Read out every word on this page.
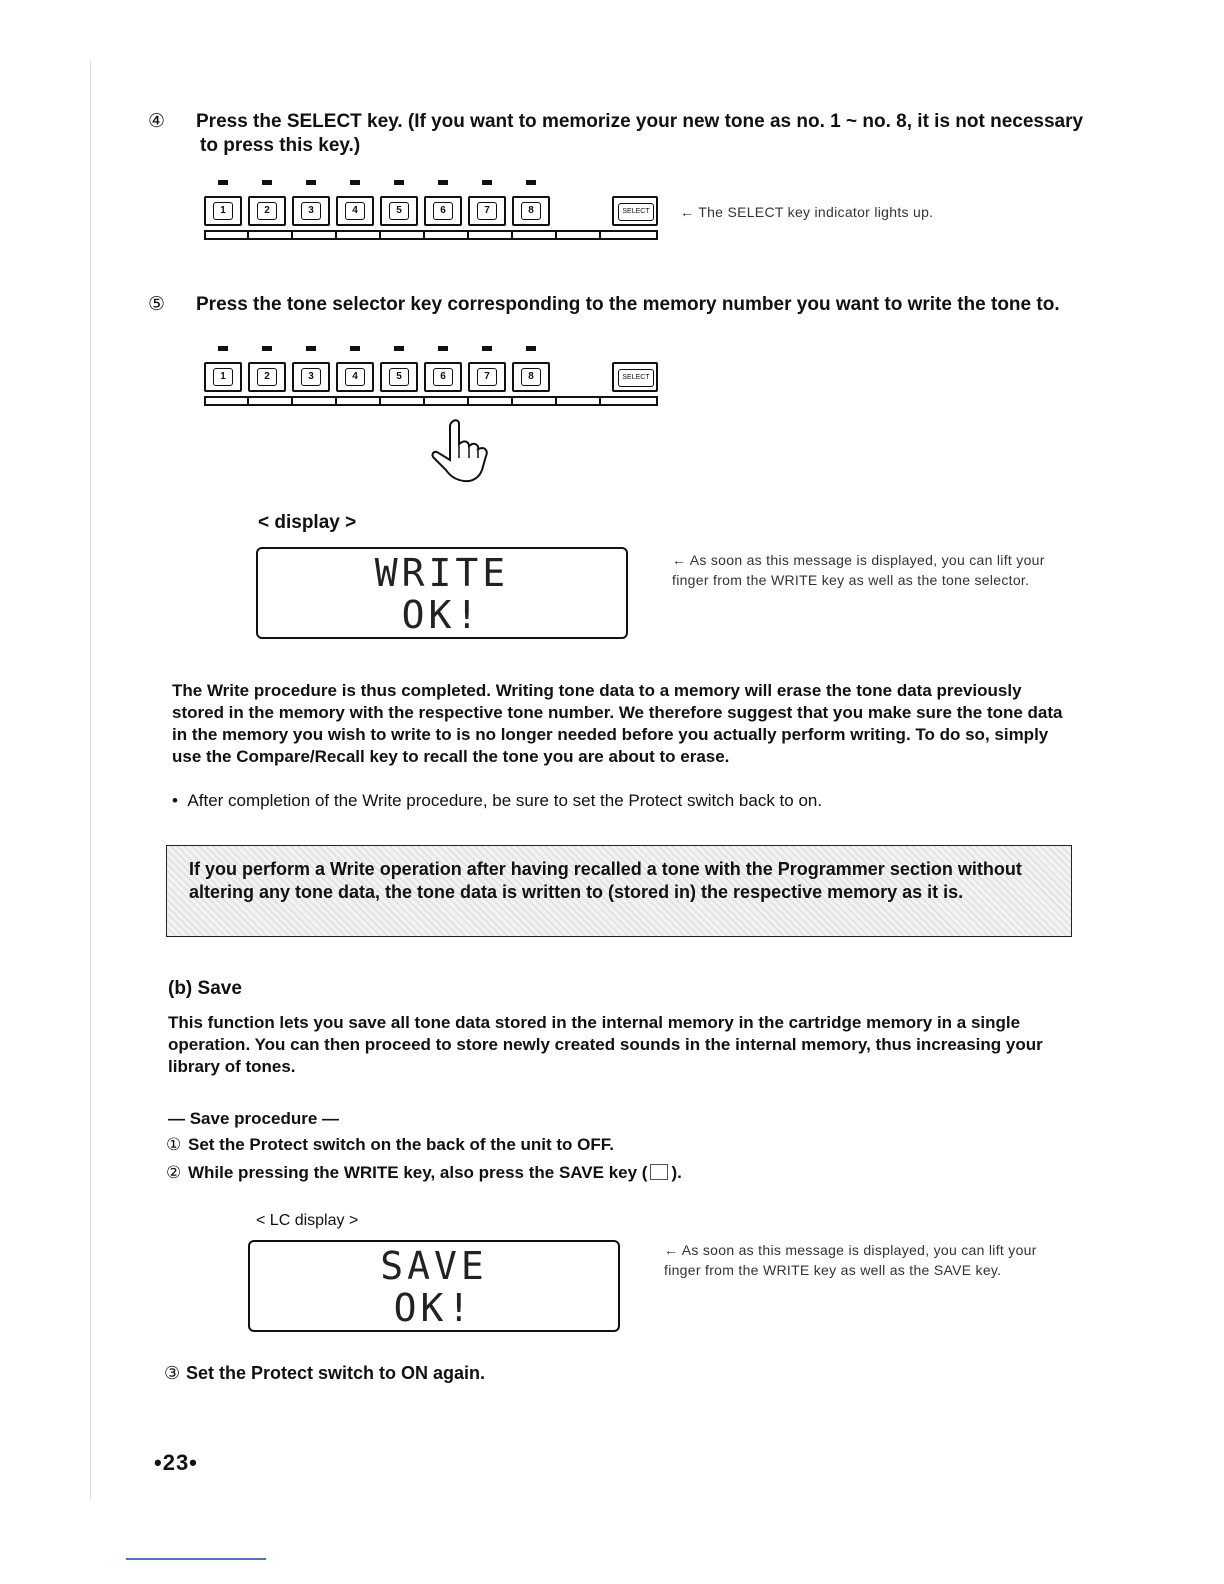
④ Press the SELECT key. (If you want to memorize your new tone as no. 1 ~ no. 8, it is not necessary to press this key.)
1	2	3	4	5	6	7	8	SELECT	← The SELECT key indicator lights up.
⑤ Press the tone selector key corresponding to the memory number you want to write the tone to.
1	2	3	4	5	6	7	8	SELECT
< display >
WRITE
OK!
← As soon as this message is displayed, you can lift your finger from the WRITE key as well as the tone selector.
The Write procedure is thus completed. Writing tone data to a memory will erase the tone data previously stored in the memory with the respective tone number. We therefore suggest that you make sure the tone data in the memory you wish to write to is no longer needed before you actually perform writing. To do so, simply use the Compare/Recall key to recall the tone you are about to erase.
•  After completion of the Write procedure, be sure to set the Protect switch back to on.

If you perform a Write operation after having recalled a tone with the Programmer section without altering any tone data, the tone data is written to (stored in) the respective memory as it is.

(b) Save
This function lets you save all tone data stored in the internal memory in the cartridge memory in a single operation. You can then proceed to store newly created sounds in the internal memory, thus increasing your library of tones.
— Save procedure —
① Set the Protect switch on the back of the unit to OFF.
② While pressing the WRITE key, also press the SAVE key ( ).
< LC display >
SAVE
OK!
← As soon as this message is displayed, you can lift your finger from the WRITE key as well as the SAVE key.
③ Set the Protect switch to ON again.
•23•
